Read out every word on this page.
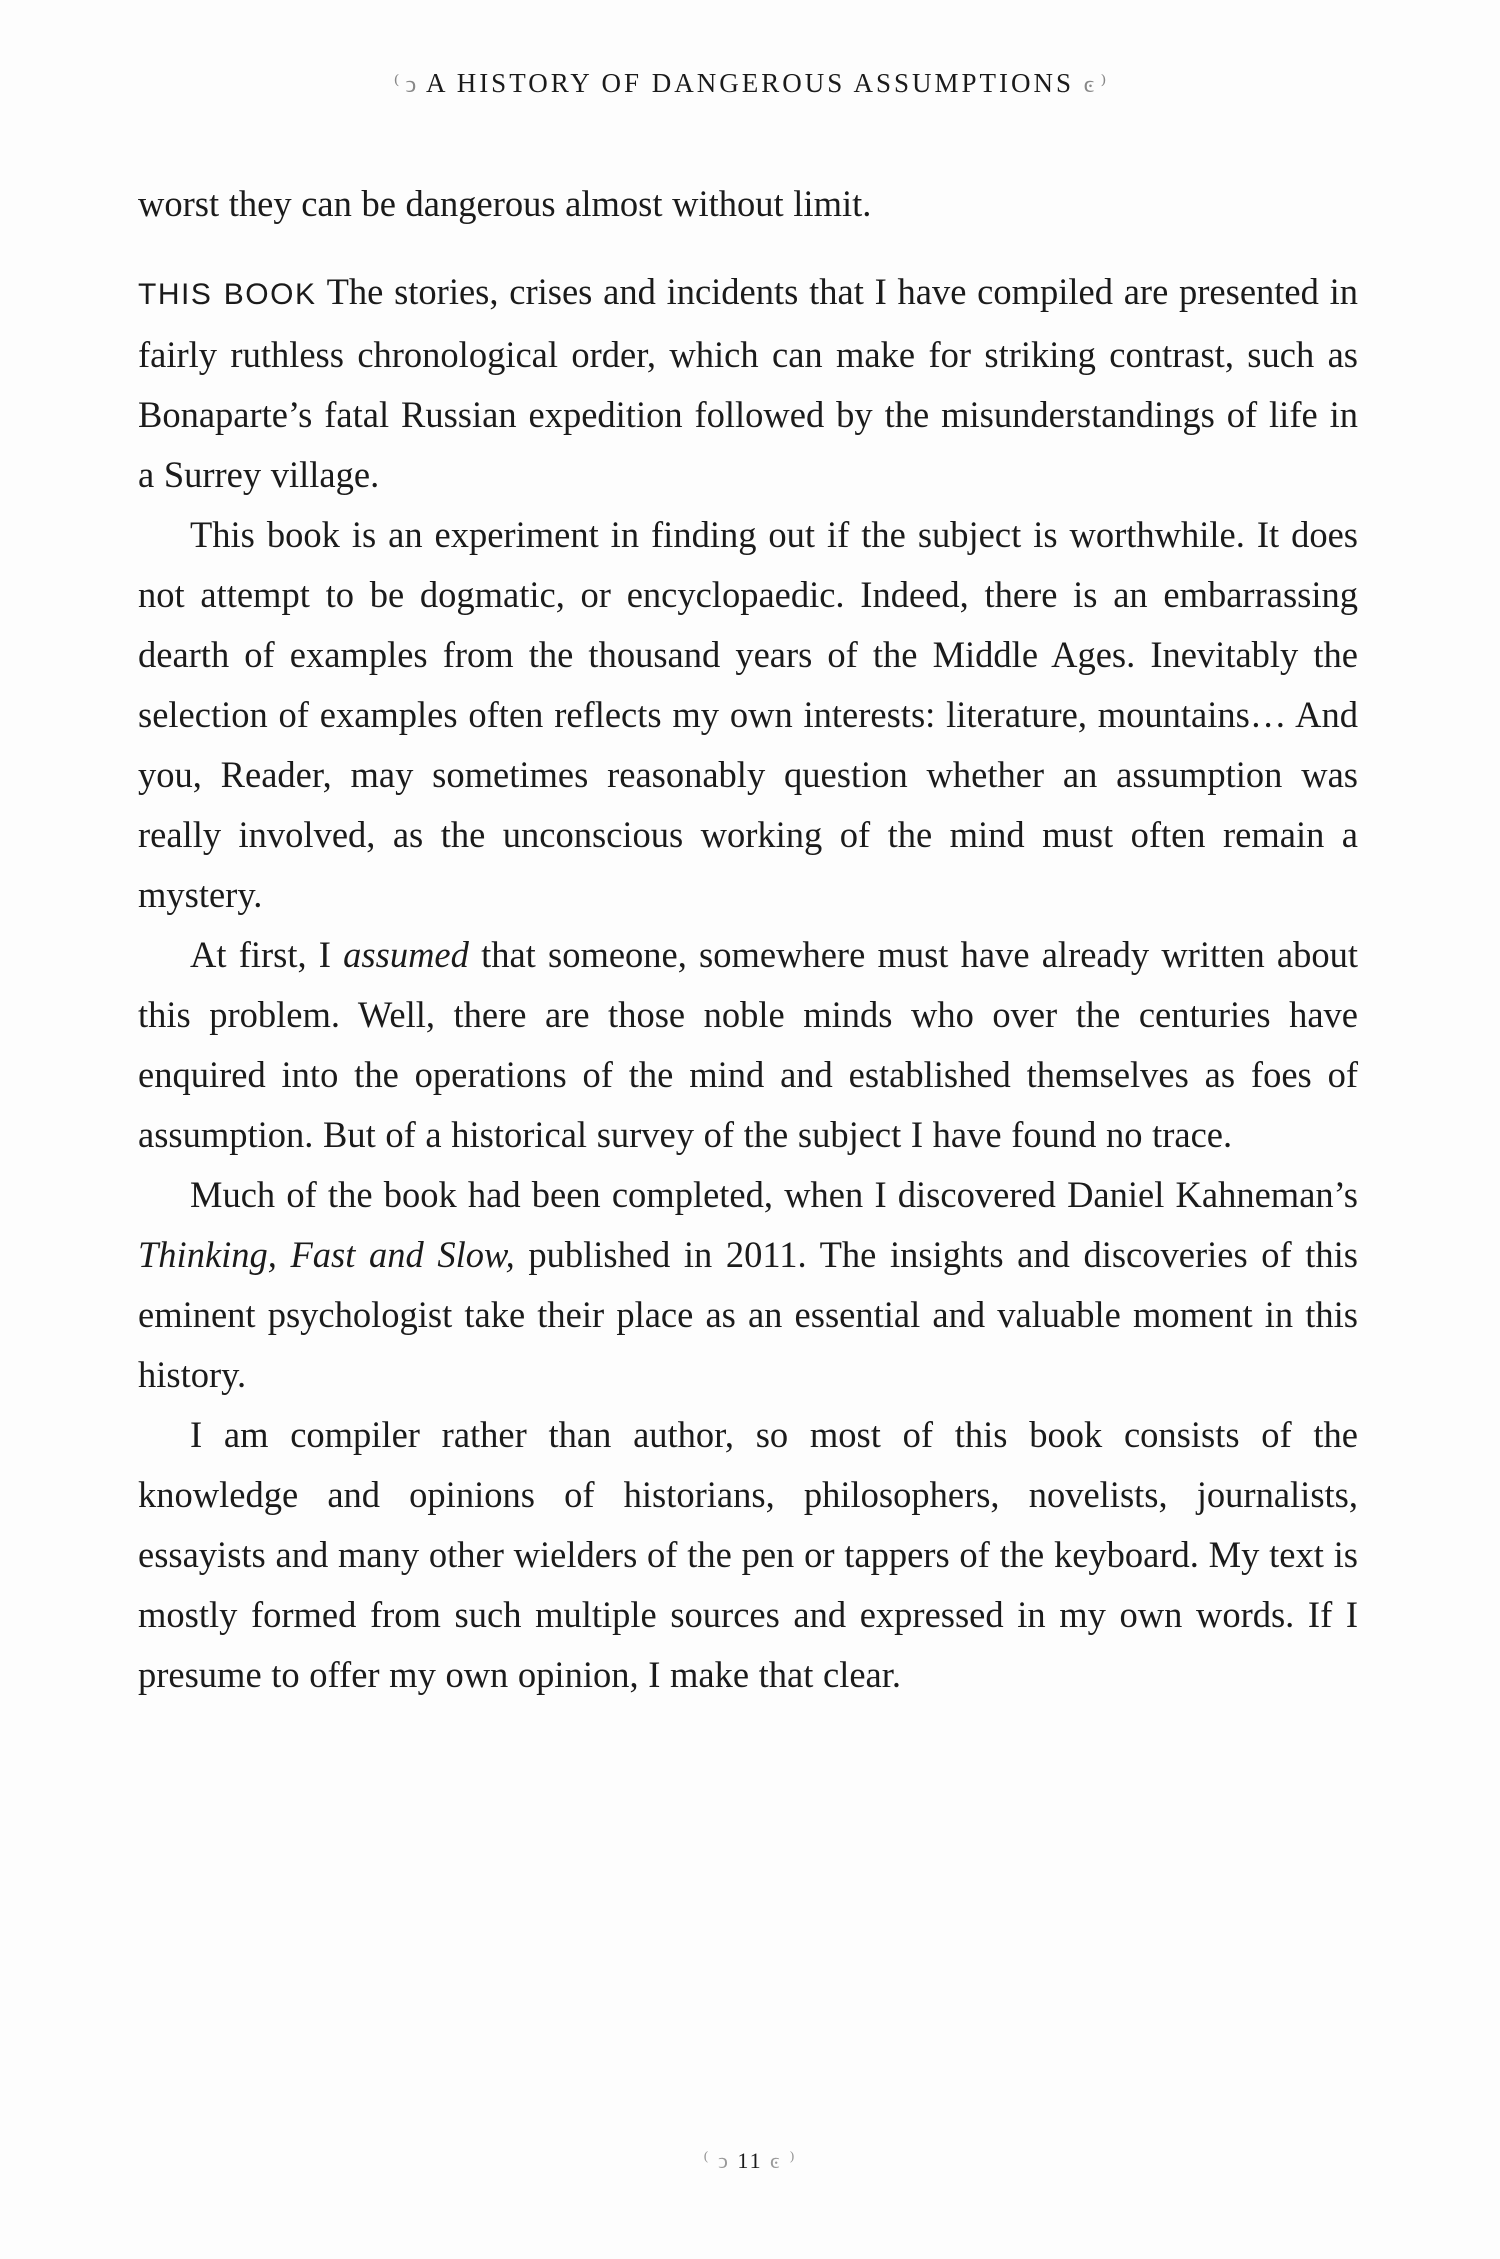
⁽ ͻ A HISTORY OF DANGEROUS ASSUMPTIONS ͼ ⁾

worst they can be dangerous almost without limit.

THIS BOOK The stories, crises and incidents that I have compiled are presented in fairly ruthless chronological order, which can make for striking contrast, such as Bonaparte’s fatal Russian expedition followed by the misunderstandings of life in a Surrey village.

This book is an experiment in finding out if the subject is worthwhile. It does not attempt to be dogmatic, or encyclopaedic. Indeed, there is an embarrassing dearth of examples from the thousand years of the Middle Ages. Inevitably the selection of examples often reflects my own interests: literature, mountains… And you, Reader, may sometimes reasonably question whether an assumption was really involved, as the unconscious working of the mind must often remain a mystery.

At first, I assumed that someone, somewhere must have already written about this problem. Well, there are those noble minds who over the centuries have enquired into the operations of the mind and established themselves as foes of assumption. But of a historical survey of the subject I have found no trace.

Much of the book had been completed, when I discovered Daniel Kahneman’s Thinking, Fast and Slow, published in 2011. The insights and discoveries of this eminent psychologist take their place as an essential and valuable moment in this history.

I am compiler rather than author, so most of this book consists of the knowledge and opinions of historians, philosophers, novelists, journalists, essayists and many other wielders of the pen or tappers of the keyboard. My text is mostly formed from such multiple sources and expressed in my own words. If I presume to offer my own opinion, I make that clear.

⁽ ͻ 11 ͼ ⁾
